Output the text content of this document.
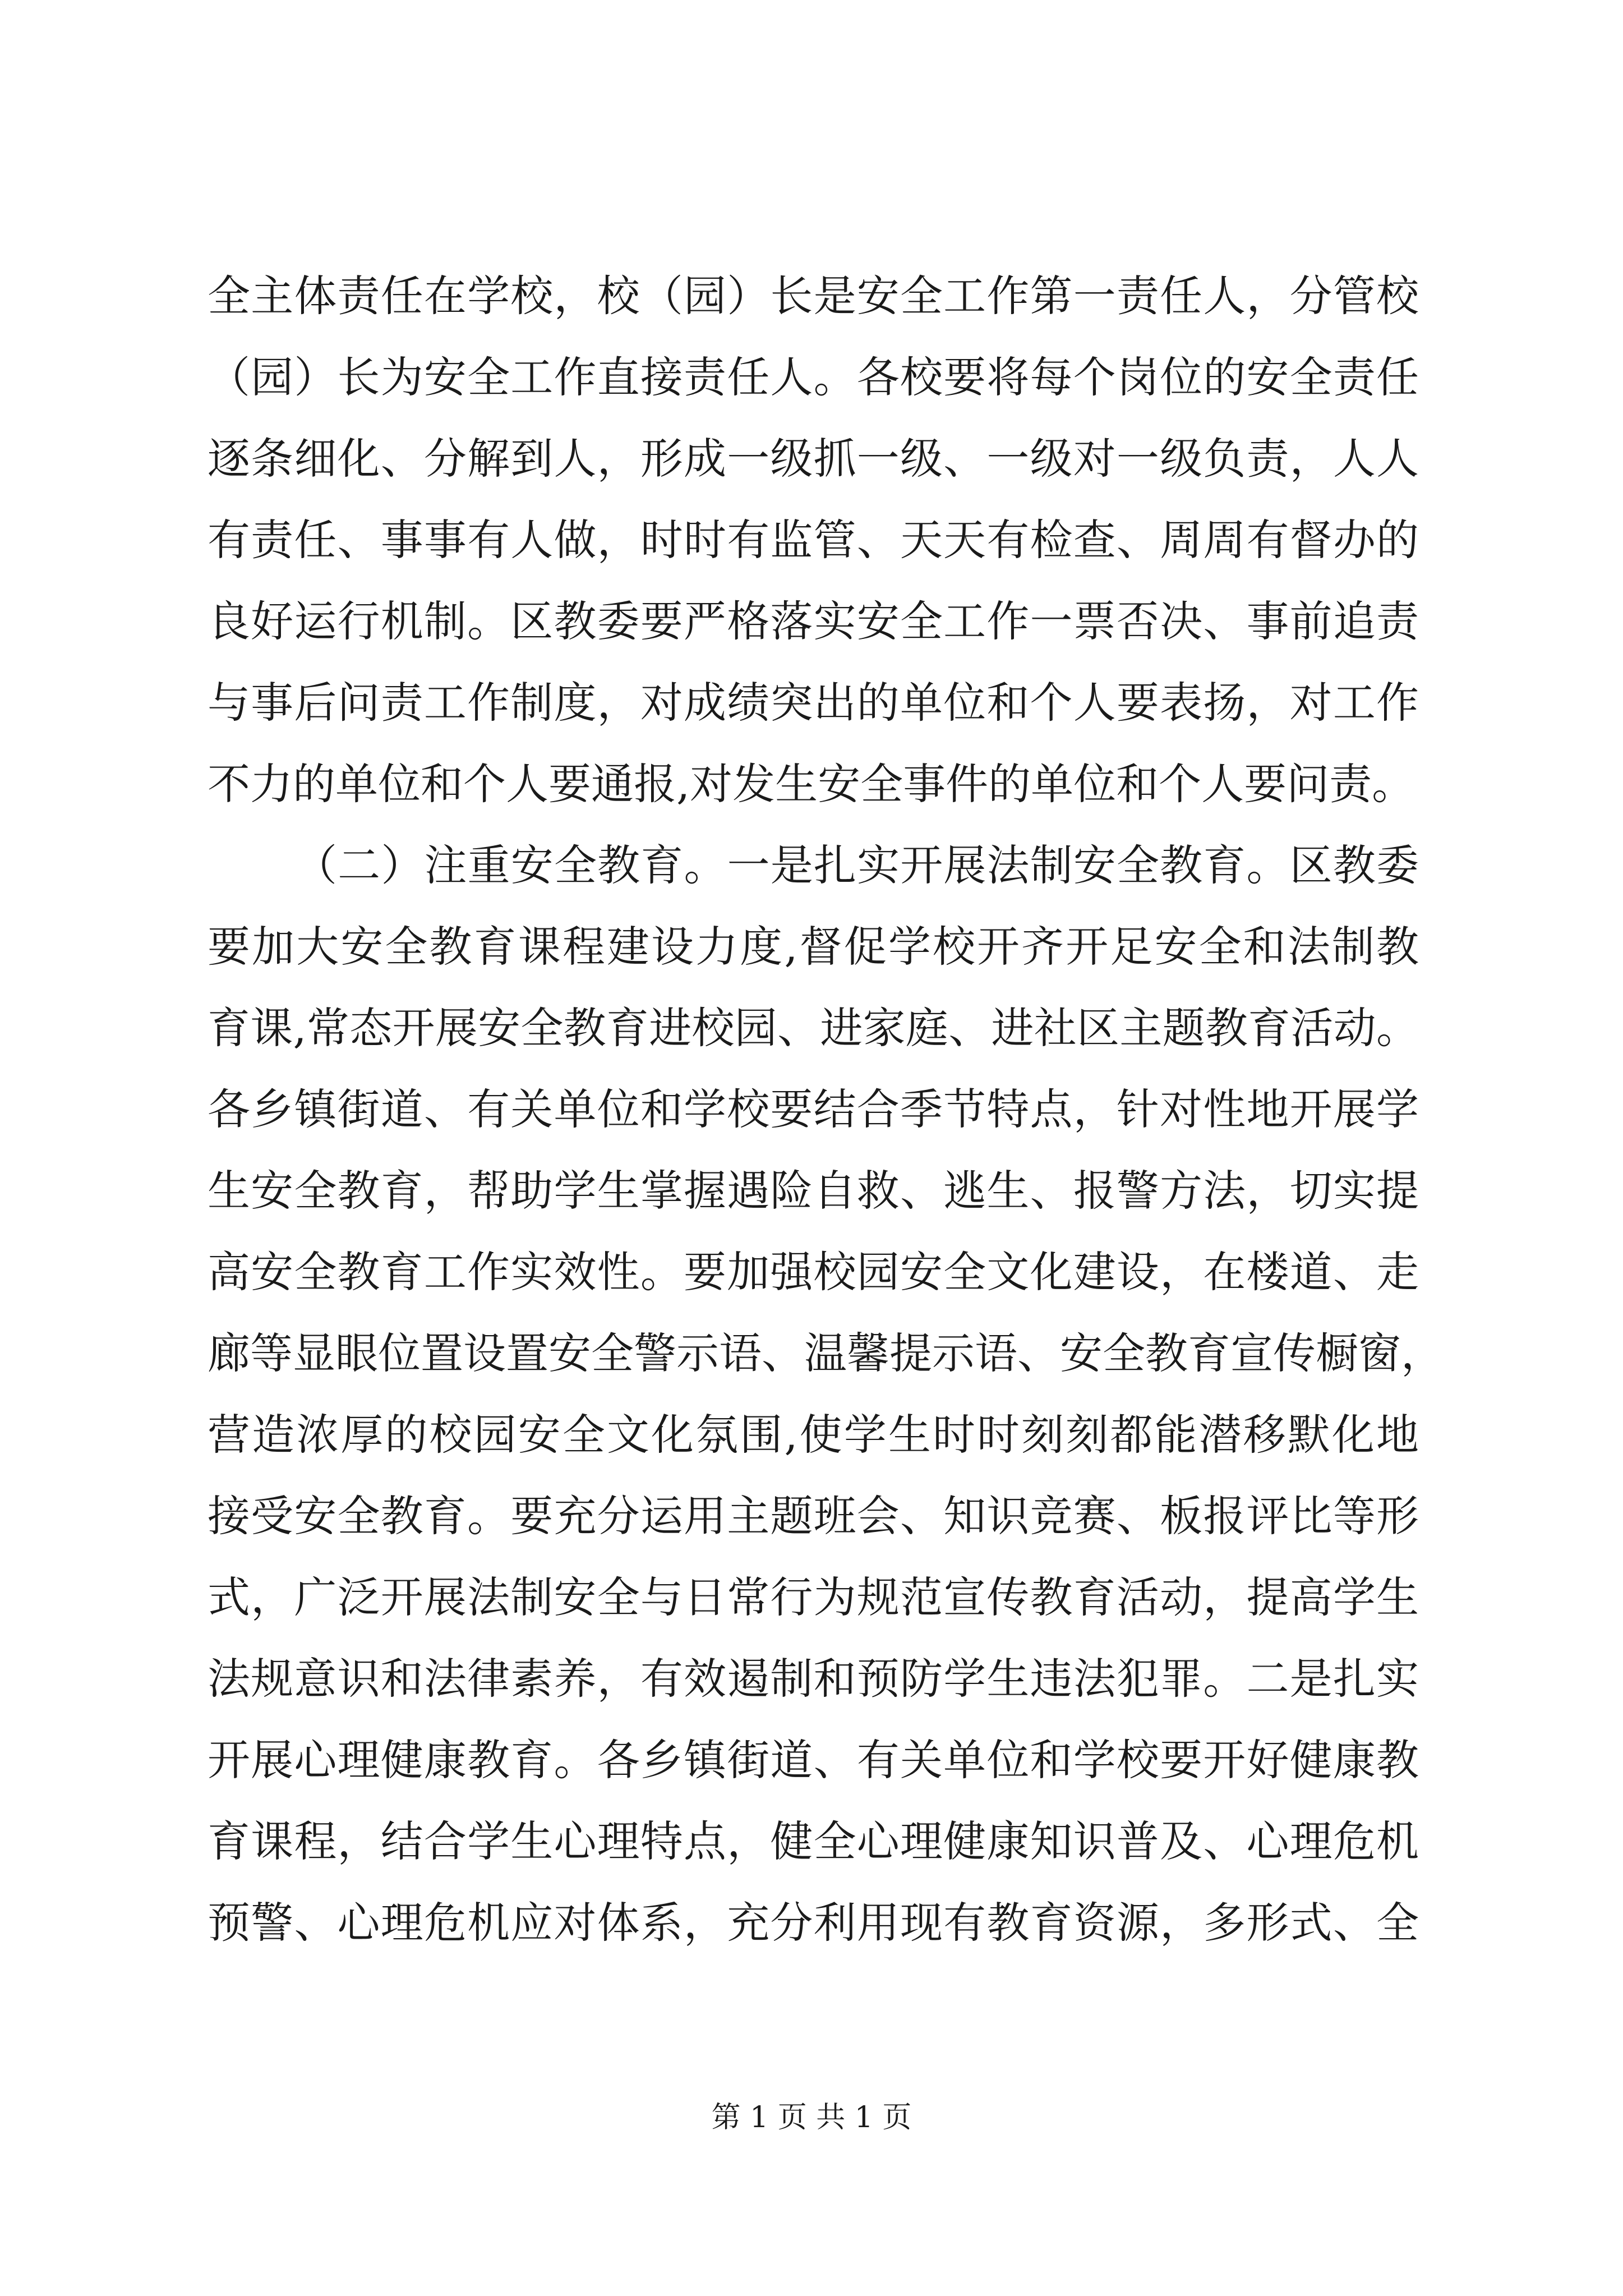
全主体责任在学校，校（园）长是安全工作第一责任人，分管校
（园）长为安全工作直接责任人。各校要将每个岗位的安全责任
逐条细化、分解到人，形成一级抓一级、一级对一级负责，人人
有责任、事事有人做，时时有监管、天天有检查、周周有督办的
良好运行机制。区教委要严格落实安全工作一票否决、事前追责
与事后问责工作制度，对成绩突出的单位和个人要表扬，对工作
不力的单位和个人要通报,对发生安全事件的单位和个人要问责。
（二）注重安全教育。一是扎实开展法制安全教育。区教委
要加大安全教育课程建设力度,督促学校开齐开足安全和法制教
育课,常态开展安全教育进校园、进家庭、进社区主题教育活动。
各乡镇街道、有关单位和学校要结合季节特点，针对性地开展学
生安全教育，帮助学生掌握遇险自救、逃生、报警方法，切实提
高安全教育工作实效性。要加强校园安全文化建设，在楼道、走
廊等显眼位置设置安全警示语、温馨提示语、安全教育宣传橱窗，
营造浓厚的校园安全文化氛围,使学生时时刻刻都能潜移默化地
接受安全教育。要充分运用主题班会、知识竞赛、板报评比等形
式，广泛开展法制安全与日常行为规范宣传教育活动，提高学生
法规意识和法律素养，有效遏制和预防学生违法犯罪。二是扎实
开展心理健康教育。各乡镇街道、有关单位和学校要开好健康教
育课程，结合学生心理特点，健全心理健康知识普及、心理危机
预警、心理危机应对体系，充分利用现有教育资源，多形式、全
第 1 页 共 1 页
